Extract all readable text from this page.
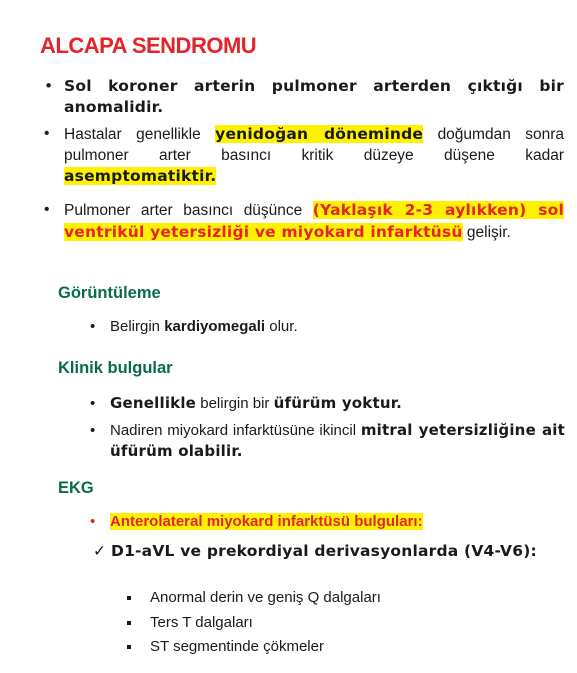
ALCAPA SENDROMU
• Sol koroner arterin pulmoner arterden çıktığı bir anomalidir.
• Hastalar genellikle yenidoğan döneminde doğumdan sonra pulmoner arter basıncı kritik düzeye düşene kadar asemptomatiktir.
• Pulmoner arter basıncı düşünce (Yaklaşık 2-3 aylıkken) sol ventrikül yetersizliği ve miyokard infarktüsü gelişir.
Görüntüleme
• Belirgin kardiyomegali olur.
Klinik bulgular
• Genellikle belirgin bir üfürüm yoktur.
• Nadiren miyokard infarktüsüne ikincil mitral yetersizliğine ait üfürüm olabilir.
EKG
• Anterolateral miyokard infarktüsü bulguları:
✓ D1-aVL ve prekordiyal derivasyonlarda (V4-V6):
Anormal derin ve geniş Q dalgaları
Ters T dalgaları
ST segmentinde çökmeler
